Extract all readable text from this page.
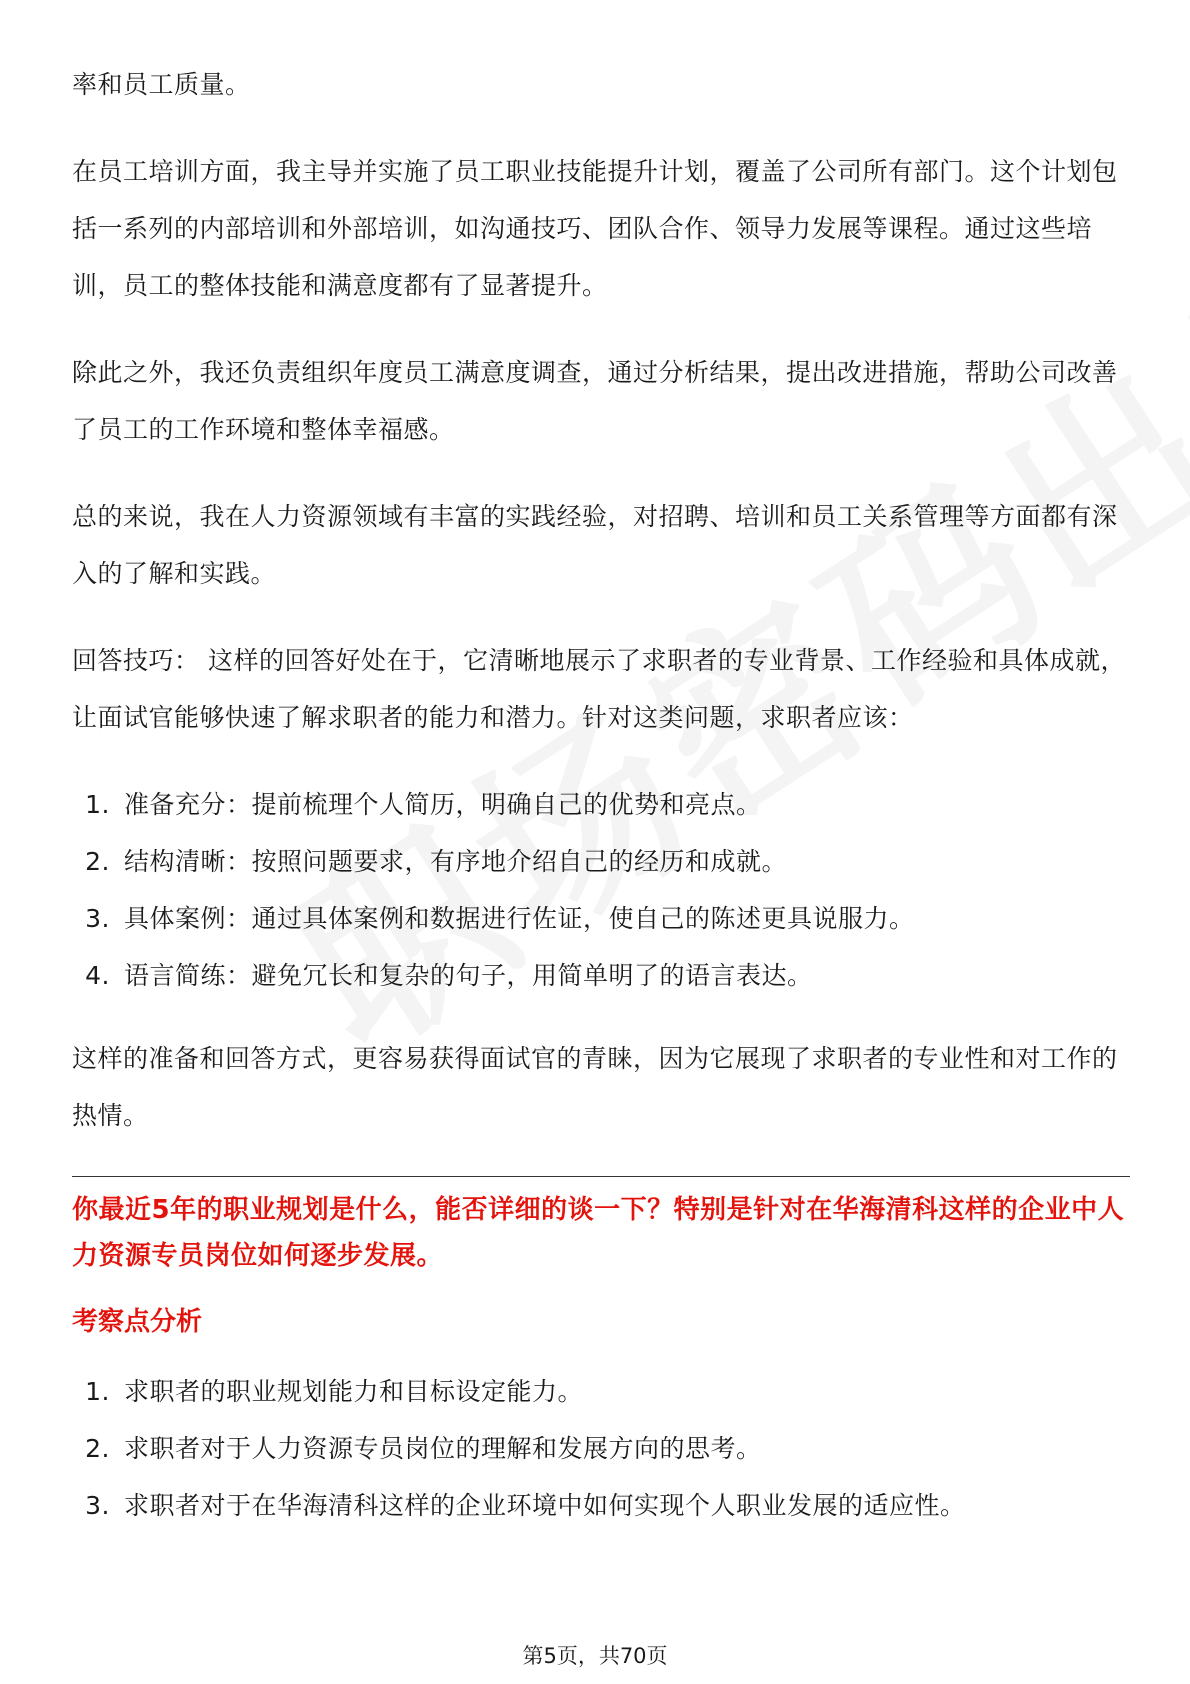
率和员工质量。

在员工培训方面，我主导并实施了员工职业技能提升计划，覆盖了公司所有部门。这个计划包括一系列的内部培训和外部培训，如沟通技巧、团队合作、领导力发展等课程。通过这些培训，员工的整体技能和满意度都有了显著提升。

除此之外，我还负责组织年度员工满意度调查，通过分析结果，提出改进措施，帮助公司改善了员工的工作环境和整体幸福感。

总的来说，我在人力资源领域有丰富的实践经验，对招聘、培训和员工关系管理等方面都有深入的了解和实践。

回答技巧： 这样的回答好处在于，它清晰地展示了求职者的专业背景、工作经验和具体成就，让面试官能够快速了解求职者的能力和潜力。针对这类问题，求职者应该：

1. 准备充分：提前梳理个人简历，明确自己的优势和亮点。
2. 结构清晰：按照问题要求，有序地介绍自己的经历和成就。
3. 具体案例：通过具体案例和数据进行佐证，使自己的陈述更具说服力。
4. 语言简练：避免冗长和复杂的句子，用简单明了的语言表达。

这样的准备和回答方式，更容易获得面试官的青睐，因为它展现了求职者的专业性和对工作的热情。

你最近5年的职业规划是什么，能否详细的谈一下？特别是针对在华海清科这样的企业中人力资源专员岗位如何逐步发展。

考察点分析
1. 求职者的职业规划能力和目标设定能力。
2. 求职者对于人力资源专员岗位的理解和发展方向的思考。
3. 求职者对于在华海清科这样的企业环境中如何实现个人职业发展的适应性。
第5页，共70页
